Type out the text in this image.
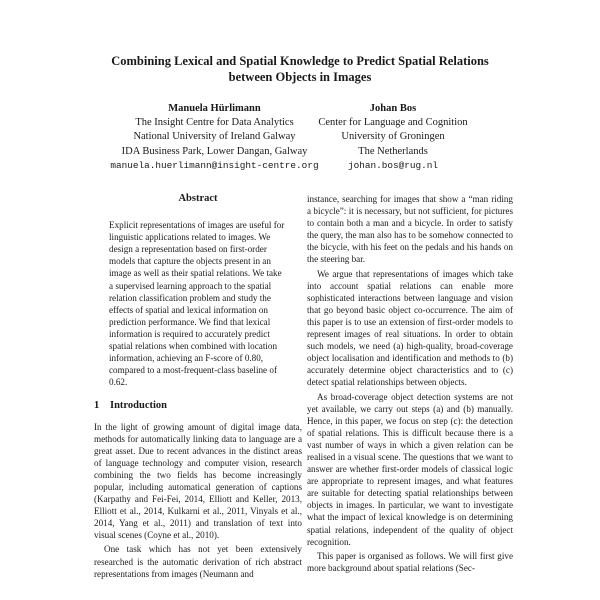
Combining Lexical and Spatial Knowledge to Predict Spatial Relations
between Objects in Images
Manuela Hürlimann
The Insight Centre for Data Analytics
National University of Ireland Galway
IDA Business Park, Lower Dangan, Galway
manuela.huerlimann@insight-centre.org
Johan Bos
Center for Language and Cognition
University of Groningen
The Netherlands
johan.bos@rug.nl
Abstract

Explicit representations of images are useful for linguistic applications related to images. We design a representation based on first-order models that capture the objects present in an image as well as their spatial relations. We take a supervised learning approach to the spatial relation classification problem and study the effects of spatial and lexical information on prediction performance. We find that lexical information is required to accurately predict spatial relations when combined with location information, achieving an F-score of 0.80, compared to a most-frequent-class baseline of 0.62.

1 Introduction

In the light of growing amount of digital image data, methods for automatically linking data to language are a great asset. Due to recent advances in the distinct areas of language technology and computer vision, research combining the two fields has become increasingly popular, including automatical generation of captions (Karpathy and Fei-Fei, 2014, Elliott and Keller, 2013, Elliott et al., 2014, Kulkarni et al., 2011, Vinyals et al., 2014, Yang et al., 2011) and translation of text into visual scenes (Coyne et al., 2010).

One task which has not yet been extensively researched is the automatic derivation of rich abstract representations from images (Neumann and

instance, searching for images that show a “man riding a bicycle”: it is necessary, but not sufficient, for pictures to contain both a man and a bicycle. In order to satisfy the query, the man also has to be somehow connected to the bicycle, with his feet on the pedals and his hands on the steering bar.

We argue that representations of images which take into account spatial relations can enable more sophisticated interactions between language and vision that go beyond basic object co-occurrence. The aim of this paper is to use an extension of first-order models to represent images of real situations. In order to obtain such models, we need (a) high-quality, broad-coverage object localisation and identification and methods to (b) accurately determine object characteristics and to (c) detect spatial relationships between objects.

As broad-coverage object detection systems are not yet available, we carry out steps (a) and (b) manually. Hence, in this paper, we focus on step (c): the detection of spatial relations. This is difficult because there is a vast number of ways in which a given relation can be realised in a visual scene. The questions that we want to answer are whether first-order models of classical logic are appropriate to represent images, and what features are suitable for detecting spatial relationships between objects in images. In particular, we want to investigate what the impact of lexical knowledge is on determining spatial relations, independent of the quality of object recognition.

This paper is organised as follows. We will first give more background about spatial relations (Sec-
